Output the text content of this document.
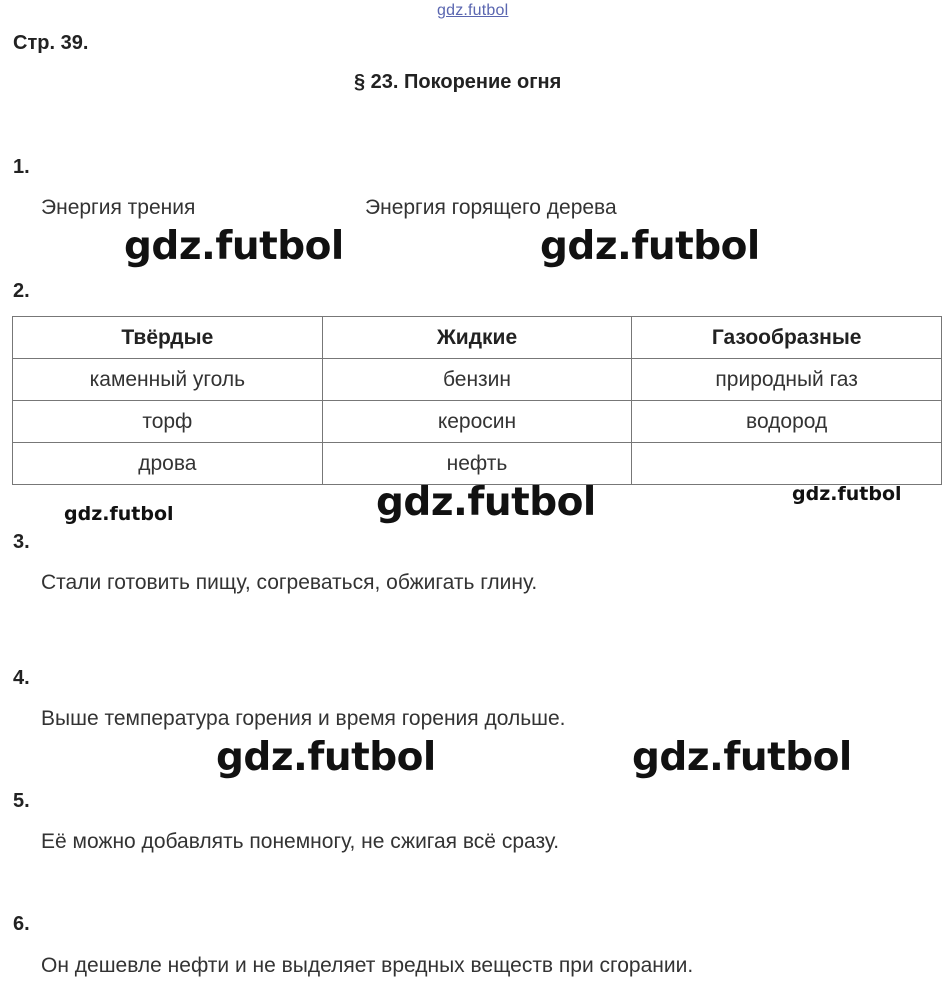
gdz.futbol
Стр. 39.
§ 23. Покорение огня
1.
Энергия трения	Энергия горящего дерева
gdz.futbol	gdz.futbol
2.
Твёрдые	Жидкие	Газообразные
каменный уголь	бензин	природный газ
торф	керосин	водород
дрова	нефть	
gdz.futbol	gdz.futbol	gdz.futbol
3.
Стали готовить пищу, согреваться, обжигать глину.
4.
Выше температура горения и время горения дольше.
gdz.futbol	gdz.futbol
5.
Её можно добавлять понемногу, не сжигая всё сразу.
6.
Он дешевле нефти и не выделяет вредных веществ при сгорании.
